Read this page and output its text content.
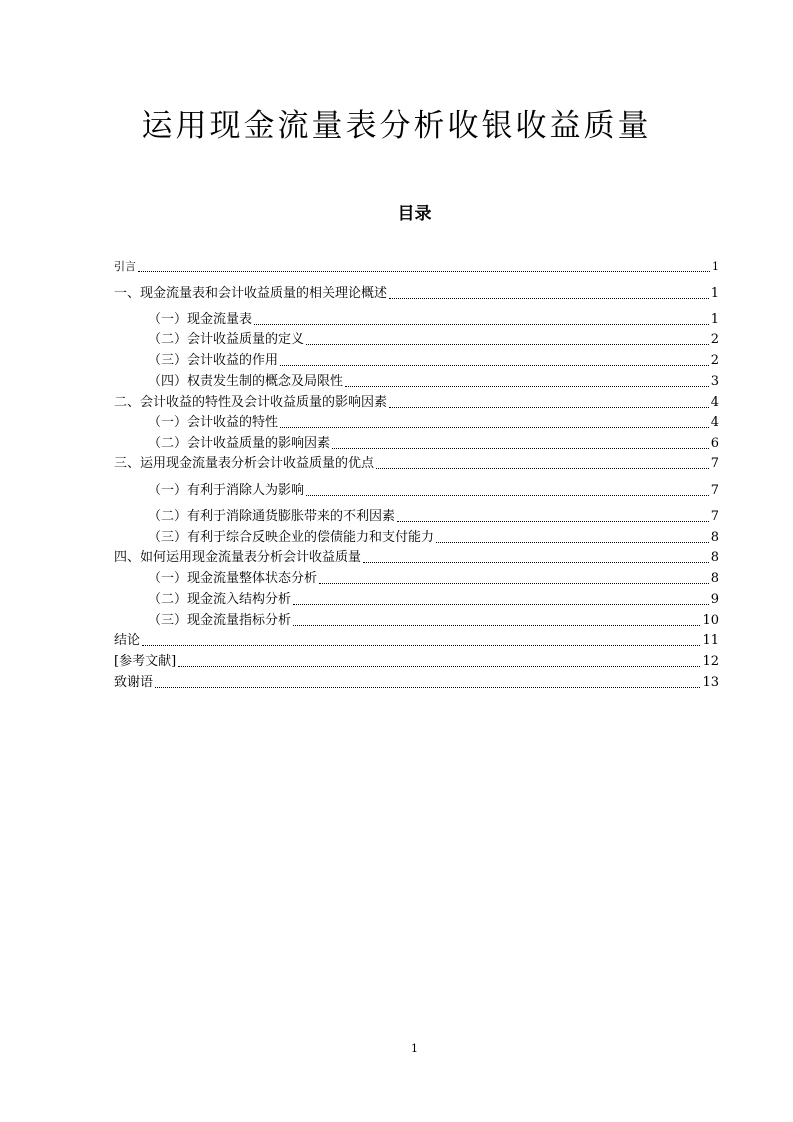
运用现金流量表分析收银收益质量
目录
引言	1
一、现金流量表和会计收益质量的相关理论概述	1
（一）现金流量表	1
（二）会计收益质量的定义	2
（三）会计收益的作用	2
（四）权责发生制的概念及局限性	3
二、会计收益的特性及会计收益质量的影响因素	4
（一）会计收益的特性	4
（二）会计收益质量的影响因素	6
三、运用现金流量表分析会计收益质量的优点	7
（一）有利于消除人为影响	7
（二）有利于消除通货膨胀带来的不利因素	7
（三）有利于综合反映企业的偿债能力和支付能力	8
四、如何运用现金流量表分析会计收益质量	8
（一）现金流量整体状态分析	8
（二）现金流入结构分析	9
（三）现金流量指标分析	10
结论	11
[参考文献]	12
致谢语	13
1
